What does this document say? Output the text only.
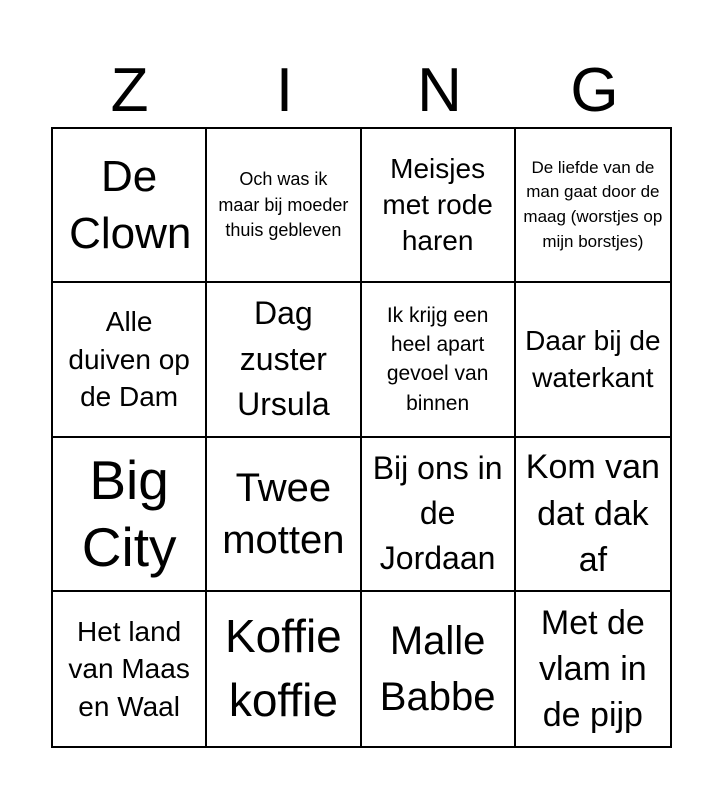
Z	I	N	G
De Clown
Och was ik maar bij moeder thuis gebleven
Meisjes met rode haren
De liefde van de man gaat door de maag (worstjes op mijn borstjes)
Alle duiven op de Dam
Dag zuster Ursula
Ik krijg een heel apart gevoel van binnen
Daar bij de waterkant
Big City
Twee motten
Bij ons in de Jordaan
Kom van dat dak af
Het land van Maas en Waal
Koffie koffie
Malle Babbe
Met de vlam in de pijp
